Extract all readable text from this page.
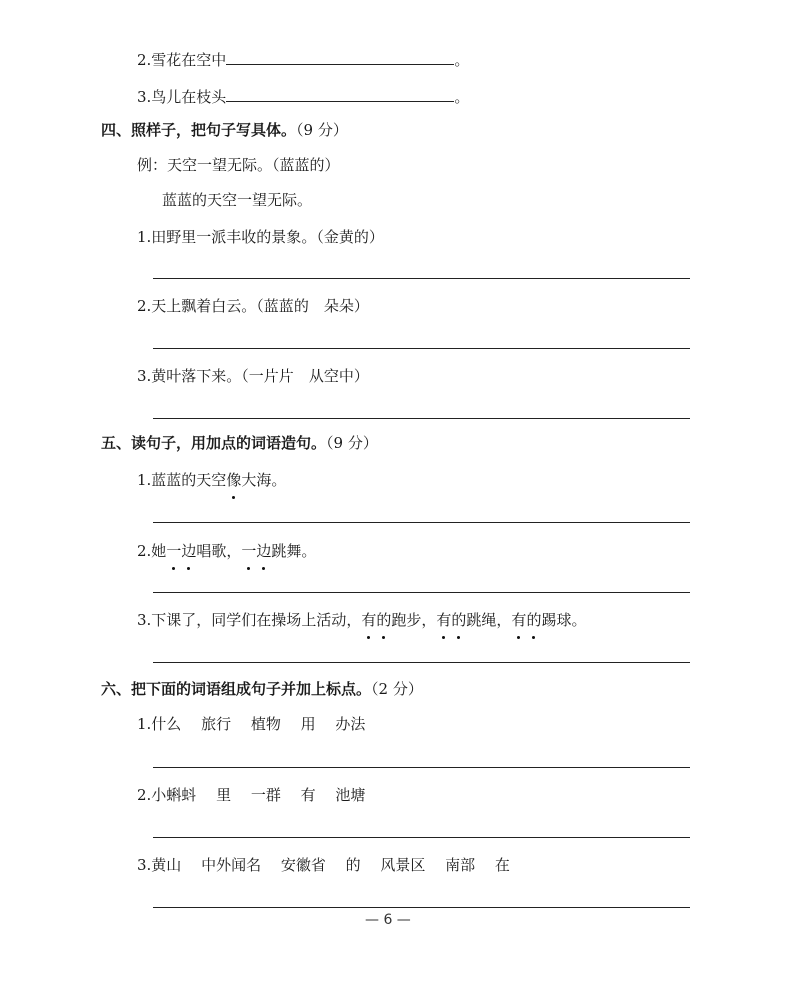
2.雪花在空中	。
3.鸟儿在枝头	。
四、照样子，把句子写具体。（9 分）
例：天空一望无际。（蓝蓝的）
蓝蓝的天空一望无际。
1.田野里一派丰收的景象。（金黄的）
2.天上飘着白云。（蓝蓝的　朵朵）
3.黄叶落下来。（一片片　从空中）
五、读句子，用加点的词语造句。（9 分）
1.蓝蓝的天空像大海。
2.她一边唱歌，一边跳舞。
3.下课了，同学们在操场上活动，有的跑步，有的跳绳，有的踢球。
六、把下面的词语组成句子并加上标点。（2 分）
1.什么　 旅行　 植物　 用　 办法
2.小蝌蚪　 里　 一群　 有　 池塘
3.黄山　 中外闻名　 安徽省　 的　 风景区　 南部　 在
— 6 —
